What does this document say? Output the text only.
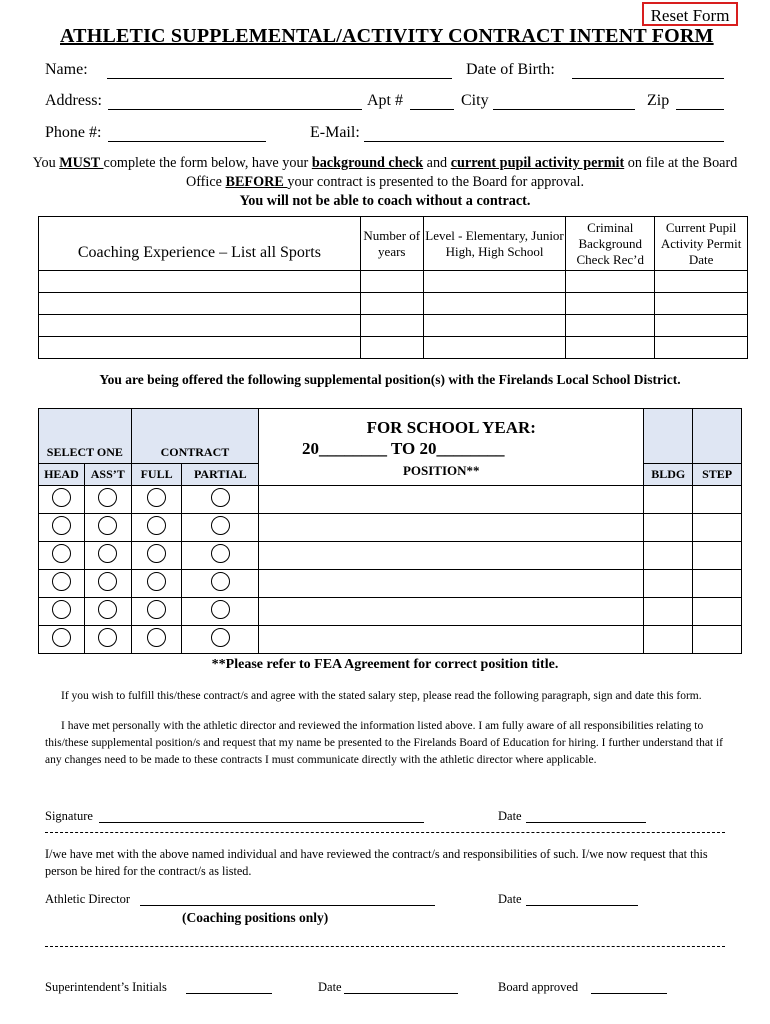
Reset Form
ATHLETIC SUPPLEMENTAL/ACTIVITY CONTRACT INTENT FORM
Name:	Date of Birth:
Address:	Apt #	City	Zip
Phone #:	E-Mail:
You MUST complete the form below, have your background check and current pupil activity permit on file at the Board Office BEFORE your contract is presented to the Board for approval.
You will not be able to coach without a contract.
Coaching Experience – List all Sports	Number of years	Level - Elementary, Junior High, High School	Criminal Background Check Rec’d	Current Pupil Activity Permit Date

You are being offered the following supplemental position(s) with the Firelands Local School District.
SELECT ONE		CONTRACT		FOR SCHOOL YEAR:
20________ TO 20________
POSITION**		
HEAD	ASS’T	FULL	PARTIAL		BLDG	STEP

**Please refer to FEA Agreement for correct position title.
If you wish to fulfill this/these contract/s and agree with the stated salary step, please read the following paragraph, sign and date this form.
I have met personally with the athletic director and reviewed the information listed above. I am fully aware of all responsibilities relating to this/these supplemental position/s and request that my name be presented to the Firelands Board of Education for hiring. I further understand that if any changes need to be made to these contracts I must communicate directly with the athletic director where applicable.
Signature	Date
I/we have met with the above named individual and have reviewed the contract/s and responsibilities of such. I/we now request that this person be hired for the contract/s as listed.
Athletic Director	Date
(Coaching positions only)
Superintendent’s Initials	Date	Board approved
